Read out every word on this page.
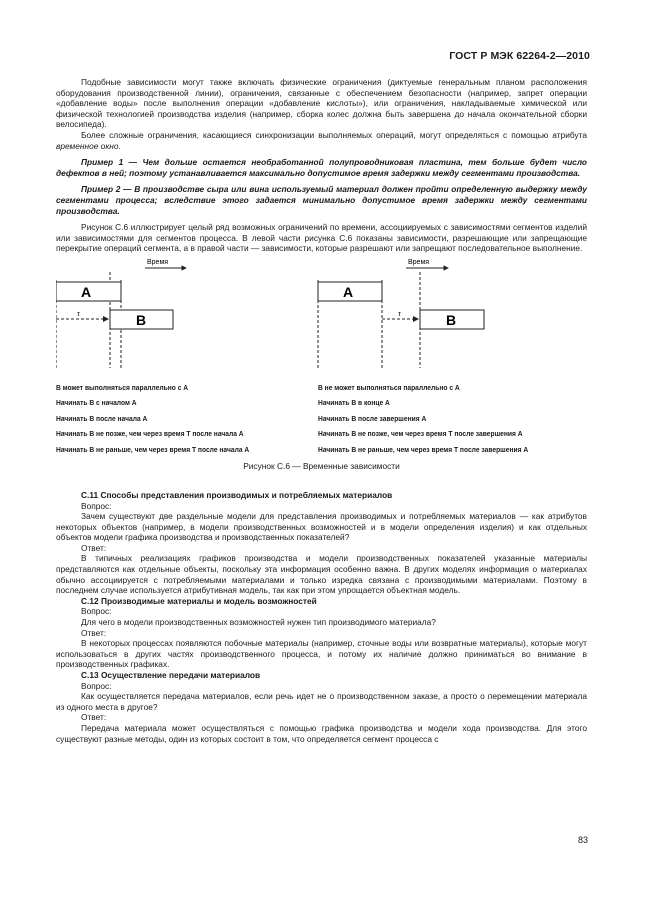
ГОСТ Р МЭК 62264-2—2010

Подобные зависимости могут также включать физические ограничения (диктуемые генеральным планом расположения оборудования производственной линии), ограничения, связанные с обеспечением безопасности (например, запрет операции «добавление воды» после выполнения операции «добавление кислоты»), или ограничения, накладываемые химической или физической технологией производства изделия (например, сборка колес должна быть завершена до начала окончательной сборки велосипеда).

Более сложные ограничения, касающиеся синхронизации выполняемых операций, могут определяться с помощью атрибута временное окно.

Пример 1 — Чем дольше остается необработанной полупроводниковая пластина, тем больше будет число дефектов в ней; поэтому устанавливается максимально допустимое время задержки между сегментами производства.

Пример 2 — В производстве сыра или вина используемый материал должен пройти определенную выдержку между сегментами процесса; вследствие этого задается минимально допустимое время задержки между сегментами производства.

Рисунок С.6 иллюстрирует целый ряд возможных ограничений по времени, ассоциируемых с зависимостями сегментов изделий или зависимостями для сегментов процесса. В левой части рисунка С.6 показаны зависимости, разрешающие или запрещающие перекрытие операций сегмента, а в правой части — зависимости, которые разрешают или запрещают последовательное выполнение.

Время
A
τ	B
Время
A
τ	B
В может выполняться параллельно с А
Начинать В с началом А
Начинать В после начала А
Начинать В не позже, чем через время T после начала А
Начинать В не раньше, чем через время T после начала А
В не может выполняться параллельно с А
Начинать В в конце А
Начинать В после завершения А
Начинать В не позже, чем через время T после завершения А
Начинать В не раньше, чем через время T после завершения А
Рисунок С.6 — Временные зависимости

С.11 Способы представления производимых и потребляемых материалов

Вопрос:

Зачем существуют две раздельные модели для представления производимых и потребляемых материалов — как атрибутов некоторых объектов (например, в модели производственных возможностей и в модели определения изделия) и как отдельных объектов модели графика производства и производственных показателей?

Ответ:

В типичных реализациях графиков производства и модели производственных показателей указанные материалы представляются как отдельные объекты, поскольку эта информация особенно важна. В других моделях информация о материалах обычно ассоциируется с потребляемыми материалами и только изредка связана с производимыми материалами. Поэтому в последнем случае используется атрибутивная модель, так как при этом упрощается объектная модель.

С.12 Производимые материалы и модель возможностей

Вопрос:

Для чего в модели производственных возможностей нужен тип производимого материала?

Ответ:

В некоторых процессах появляются побочные материалы (например, сточные воды или возвратные материалы), которые могут использоваться в других частях производственного процесса, и потому их наличие должно приниматься во внимание в производственных графиках.

С.13 Осуществление передачи материалов

Вопрос:

Как осуществляется передача материалов, если речь идет не о производственном заказе, а просто о перемещении материала из одного места в другое?

Ответ:

Передача материала может осуществляться с помощью графика производства и модели хода производства. Для этого существуют разные методы, один из которых состоит в том, что определяется сегмент процесса с

83
